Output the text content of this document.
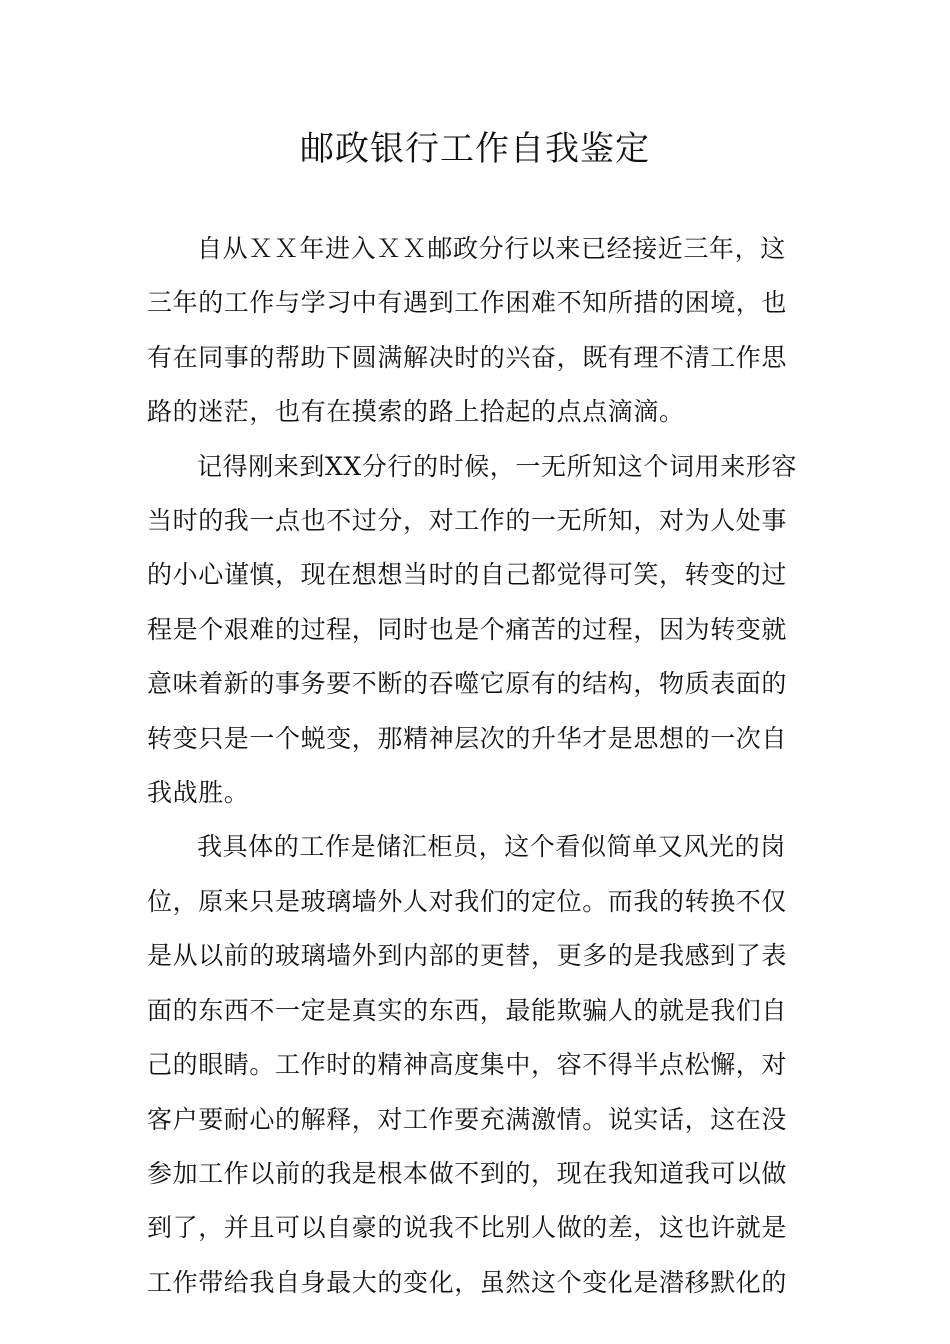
邮政银行工作自我鉴定

自从ＸＸ年进入ＸＸ邮政分行以来已经接近三年，这
三年的工作与学习中有遇到工作困难不知所措的困境，也
有在同事的帮助下圆满解决时的兴奋，既有理不清工作思
路的迷茫，也有在摸索的路上拾起的点点滴滴。

记得刚来到XX分行的时候，一无所知这个词用来形容
当时的我一点也不过分，对工作的一无所知，对为人处事
的小心谨慎，现在想想当时的自己都觉得可笑，转变的过
程是个艰难的过程，同时也是个痛苦的过程，因为转变就
意味着新的事务要不断的吞噬它原有的结构，物质表面的
转变只是一个蜕变，那精神层次的升华才是思想的一次自
我战胜。

我具体的工作是储汇柜员，这个看似简单又风光的岗
位，原来只是玻璃墙外人对我们的定位。而我的转换不仅
是从以前的玻璃墙外到内部的更替，更多的是我感到了表
面的东西不一定是真实的东西，最能欺骗人的就是我们自
己的眼睛。工作时的精神高度集中，容不得半点松懈，对
客户要耐心的解释，对工作要充满激情。说实话，这在没
参加工作以前的我是根本做不到的，现在我知道我可以做
到了，并且可以自豪的说我不比别人做的差，这也许就是
工作带给我自身最大的变化，虽然这个变化是潜移默化的
